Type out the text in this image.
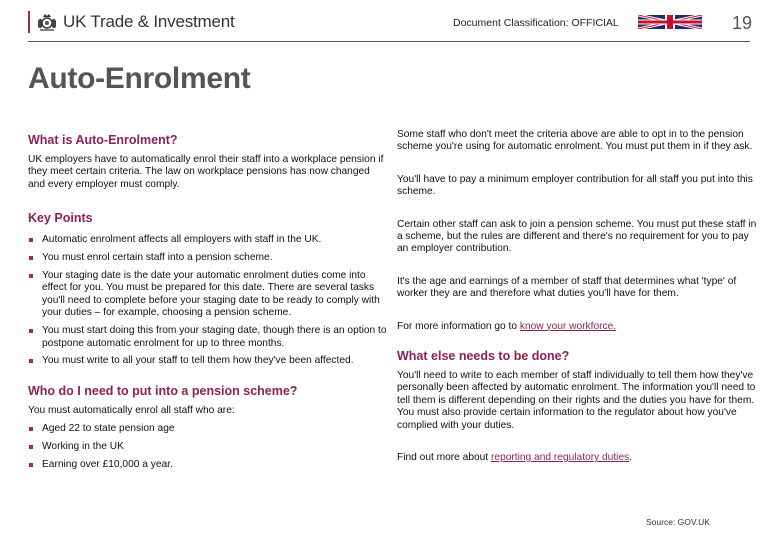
UK Trade & Investment	Document Classification: OFFICIAL	19
Auto-Enrolment
What is Auto-Enrolment?

UK employers have to automatically enrol their staff into a workplace pension if they meet certain criteria. The law on workplace pensions has now changed and every employer must comply.

Key Points
Automatic enrolment affects all employers with staff in the UK.
You must enrol certain staff into a pension scheme.
Your staging date is the date your automatic enrolment duties come into effect for you. You must be prepared for this date. There are several tasks you'll need to complete before your staging date to be ready to comply with your duties – for example, choosing a pension scheme.
You must start doing this from your staging date, though there is an option to postpone automatic enrolment for up to three months.
You must write to all your staff to tell them how they've been affected.
Who do I need to put into a pension scheme?

You must automatically enrol all staff who are:

Aged 22 to state pension age
Working in the UK
Earning over £10,000 a year.

Some staff who don't meet the criteria above are able to opt in to the pension scheme you're using for automatic enrolment. You must put them in if they ask.

You'll have to pay a minimum employer contribution for all staff you put into this scheme.

Certain other staff can ask to join a pension scheme. You must put these staff in a scheme, but the rules are different and there's no requirement for you to pay an employer contribution.

It's the age and earnings of a member of staff that determines what 'type' of worker they are and therefore what duties you'll have for them.

For more information go to know your workforce.

What else needs to be done?

You'll need to write to each member of staff individually to tell them how they've personally been affected by automatic enrolment. The information you'll need to tell them is different depending on their rights and the duties you have for them. You must also provide certain information to the regulator about how you've complied with your duties.

Find out more about reporting and regulatory duties.

Source: GOV.UK
